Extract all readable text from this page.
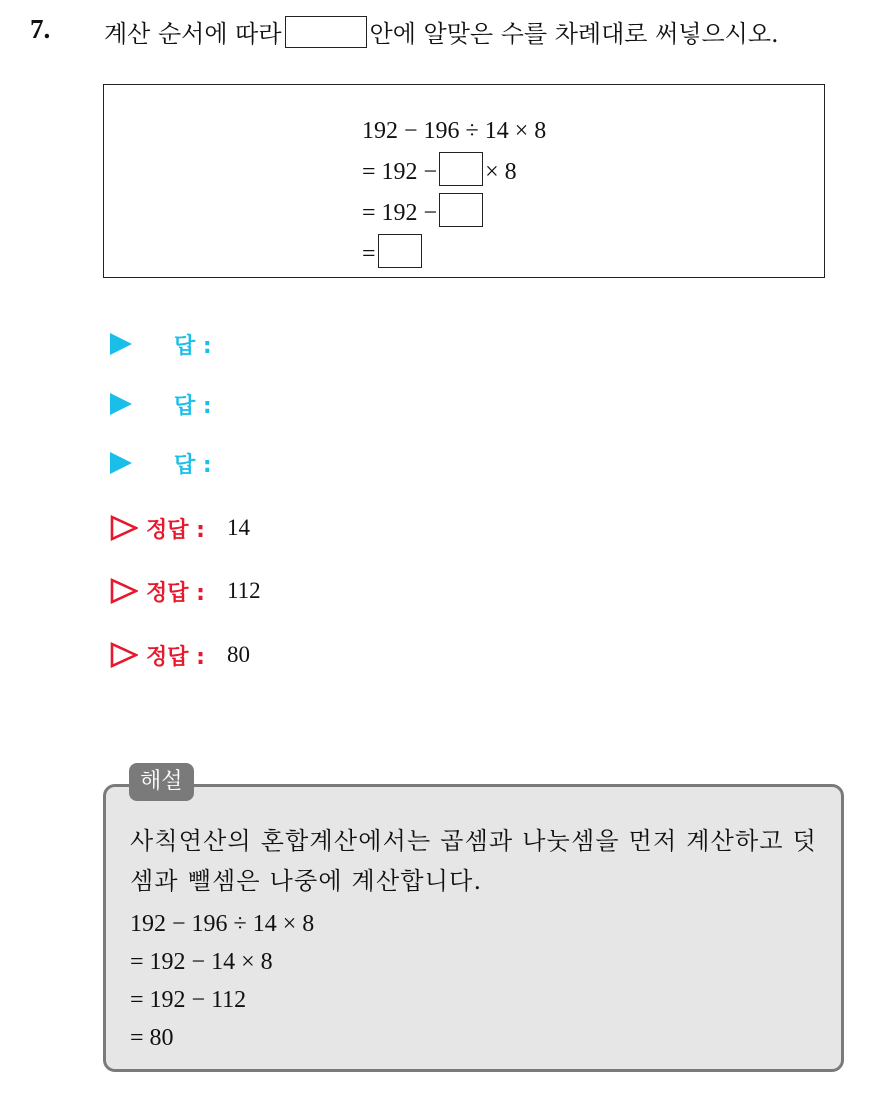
7. 계산 순서에 따라	안에 알맞은 수를 차례대로 써넣으시오.
192 − 196 ÷ 14 × 8
= 192 − × 8
= 192 −
=
답 :
답 :
답 :
정답 : 14
정답 : 112
정답 : 80
해설
사칙연산의 혼합계산에서는 곱셈과 나눗셈을 먼저 계산하고 덧셈과 뺄셈은 나중에 계산합니다.
192 − 196 ÷ 14 × 8
= 192 − 14 × 8
= 192 − 112
= 80
